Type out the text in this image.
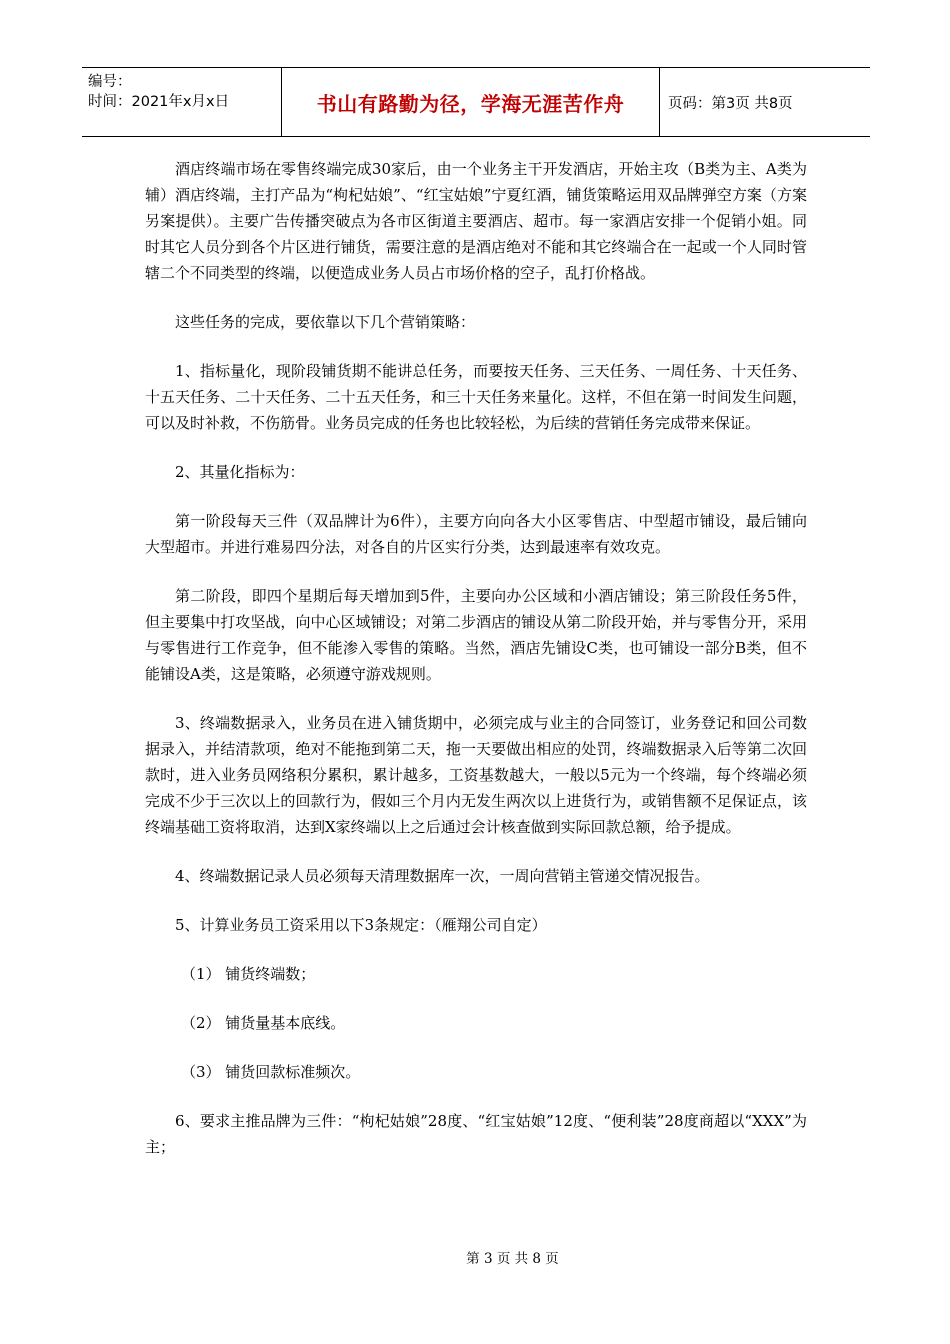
编号：
时间：2021年x月x日	书山有路勤为径，学海无涯苦作舟	页码：第3页 共8页

酒店终端市场在零售终端完成30家后，由一个业务主干开发酒店，开始主攻（B类为主、A类为辅）酒店终端，主打产品为“枸杞姑娘”、“红宝姑娘”宁夏红酒，铺货策略运用双品牌弹空方案（方案另案提供）。主要广告传播突破点为各市区街道主要酒店、超市。每一家酒店安排一个促销小姐。同时其它人员分到各个片区进行铺货，需要注意的是酒店绝对不能和其它终端合在一起或一个人同时管辖二个不同类型的终端，以便造成业务人员占市场价格的空子，乱打价格战。

这些任务的完成，要依靠以下几个营销策略：

1、指标量化，现阶段铺货期不能讲总任务，而要按天任务、三天任务、一周任务、十天任务、十五天任务、二十天任务、二十五天任务，和三十天任务来量化。这样，不但在第一时间发生问题，可以及时补救，不伤筋骨。业务员完成的任务也比较轻松，为后续的营销任务完成带来保证。

2、其量化指标为：

第一阶段每天三件（双品牌计为6件），主要方向向各大小区零售店、中型超市铺设，最后铺向大型超市。并进行难易四分法，对各自的片区实行分类，达到最速率有效攻克。

第二阶段，即四个星期后每天增加到5件，主要向办公区域和小酒店铺设；第三阶段任务5件，但主要集中打攻坚战，向中心区域铺设；对第二步酒店的铺设从第二阶段开始，并与零售分开，采用与零售进行工作竞争，但不能渗入零售的策略。当然，酒店先铺设C类，也可铺设一部分B类，但不能铺设A类，这是策略，必须遵守游戏规则。

3、终端数据录入，业务员在进入铺货期中，必须完成与业主的合同签订，业务登记和回公司数据录入，并结清款项，绝对不能拖到第二天，拖一天要做出相应的处罚，终端数据录入后等第二次回款时，进入业务员网络积分累积，累计越多，工资基数越大，一般以5元为一个终端，每个终端必须完成不少于三次以上的回款行为，假如三个月内无发生两次以上进货行为，或销售额不足保证点，该终端基础工资将取消，达到X家终端以上之后通过会计核查做到实际回款总额，给予提成。

4、终端数据记录人员必须每天清理数据库一次，一周向营销主管递交情况报告。

5、计算业务员工资采用以下3条规定：（雁翔公司自定）

（1） 铺货终端数；

（2） 铺货量基本底线。

（3） 铺货回款标准频次。

6、要求主推品牌为三件：“枸杞姑娘”28度、“红宝姑娘”12度、“便利装”28度商超以“XXX”为主；

第 3 页 共 8 页
